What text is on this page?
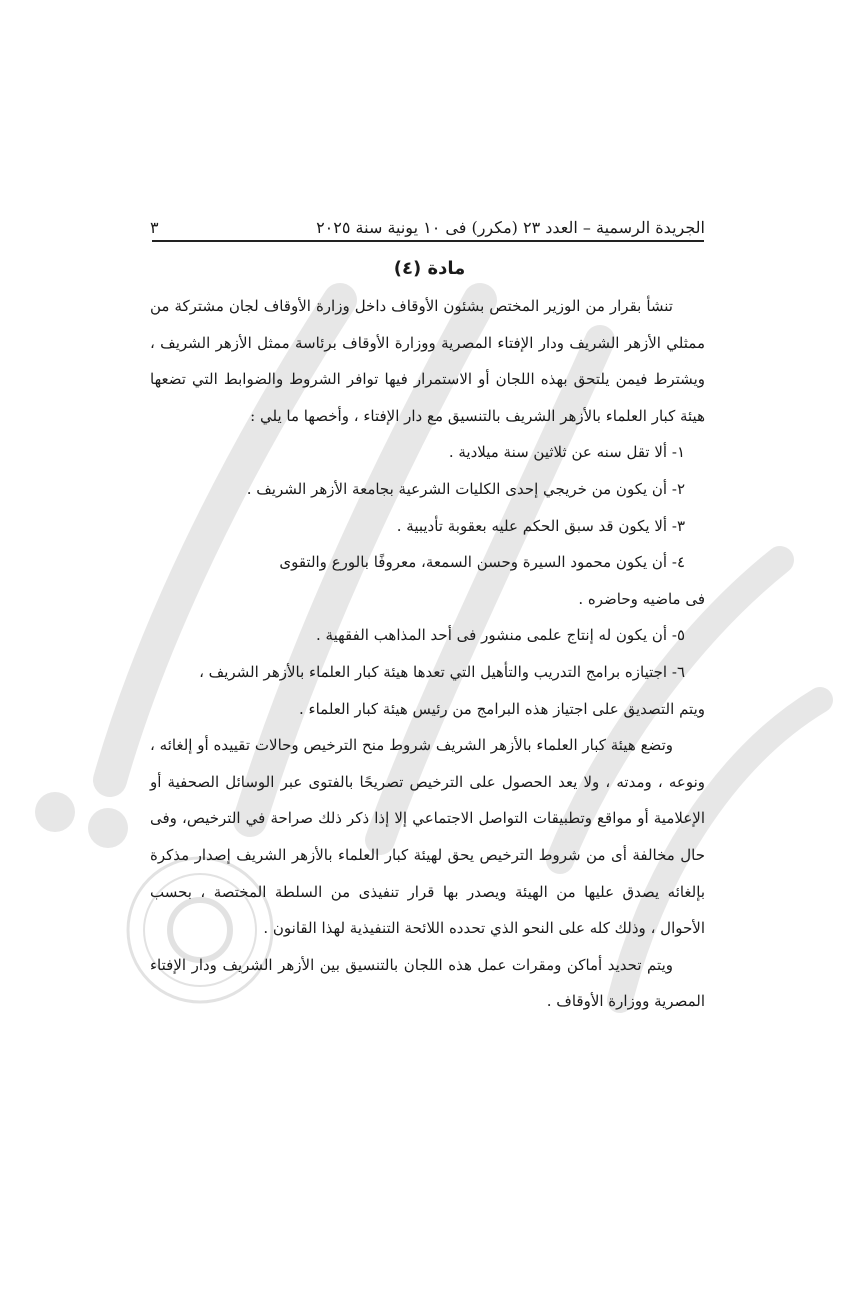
الجريدة الرسمية – العدد ٢٣ (مكرر) فى ١٠ يونية سنة ٢٠٢٥
٣
مادة (٤)

تنشأ بقرار من الوزير المختص بشئون الأوقاف داخل وزارة الأوقاف لجان مشتركة من ممثلي الأزهر الشريف ودار الإفتاء المصرية ووزارة الأوقاف برئاسة ممثل الأزهر الشريف ، ويشترط فيمن يلتحق بهذه اللجان أو الاستمرار فيها توافر الشروط والضوابط التي تضعها هيئة كبار العلماء بالأزهر الشريف بالتنسيق مع دار الإفتاء ، وأخصها ما يلي :

١- ألا تقل سنه عن ثلاثين سنة ميلادية .

٢- أن يكون من خريجي إحدى الكليات الشرعية بجامعة الأزهر الشريف .

٣- ألا يكون قد سبق الحكم عليه بعقوبة تأديبية .

٤- أن يكون محمود السيرة وحسن السمعة، معروفًا بالورع والتقوى

فى ماضيه وحاضره .

٥- أن يكون له إنتاج علمى منشور فى أحد المذاهب الفقهية .

٦- اجتيازه برامج التدريب والتأهيل التي تعدها هيئة كبار العلماء بالأزهر الشريف ،

ويتم التصديق على اجتياز هذه البرامج من رئيس هيئة كبار العلماء .

وتضع هيئة كبار العلماء بالأزهر الشريف شروط منح الترخيص وحالات تقييده أو إلغائه ، ونوعه ، ومدته ، ولا يعد الحصول على الترخيص تصريحًا بالفتوى عبر الوسائل الصحفية أو الإعلامية أو مواقع وتطبيقات التواصل الاجتماعي إلا إذا ذكر ذلك صراحة في الترخيص، وفى حال مخالفة أى من شروط الترخيص يحق لهيئة كبار العلماء بالأزهر الشريف إصدار مذكرة بإلغائه يصدق عليها من الهيئة ويصدر بها قرار تنفيذى من السلطة المختصة ، بحسب الأحوال ، وذلك كله على النحو الذي تحدده اللائحة التنفيذية لهذا القانون .

ويتم تحديد أماكن ومقرات عمل هذه اللجان بالتنسيق بين الأزهر الشريف ودار الإفتاء المصرية ووزارة الأوقاف .
